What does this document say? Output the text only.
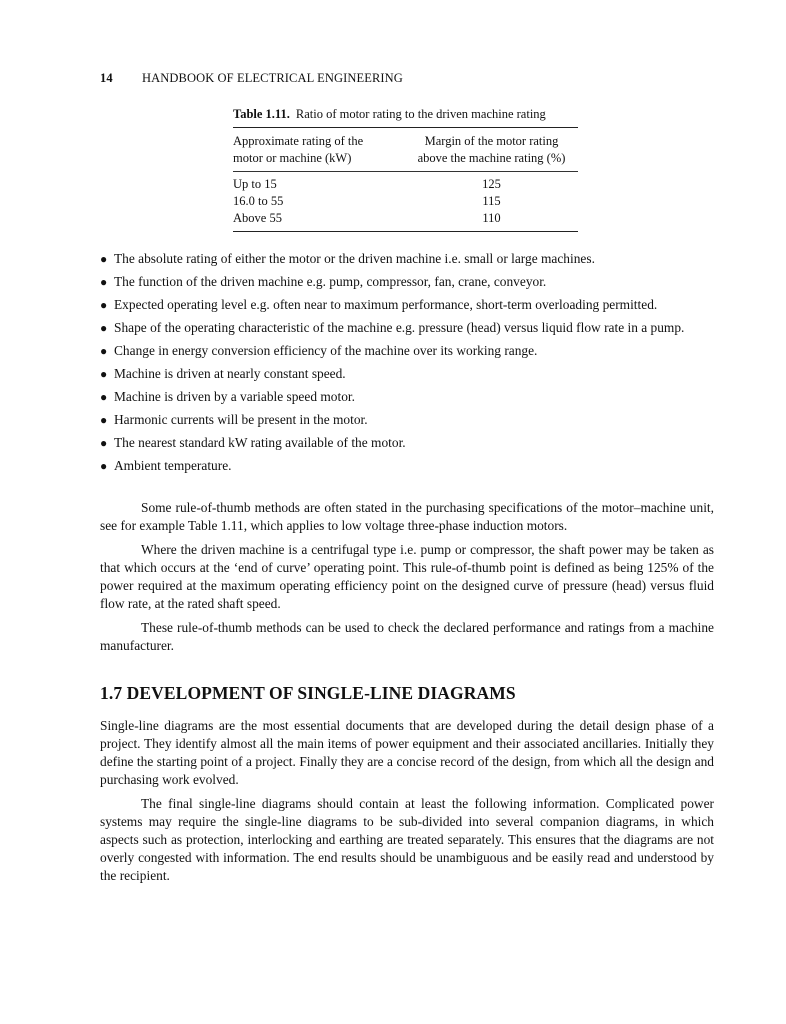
14 HANDBOOK OF ELECTRICAL ENGINEERING
Table 1.11. Ratio of motor rating to the driven machine rating
Approximate rating of the
motor or machine (kW)
Margin of the motor rating
above the machine rating (%)
Up to 15	125
16.0 to 55	115
Above 55	110
● The absolute rating of either the motor or the driven machine i.e. small or large machines.
● The function of the driven machine e.g. pump, compressor, fan, crane, conveyor.
● Expected operating level e.g. often near to maximum performance, short-term overloading permitted.
● Shape of the operating characteristic of the machine e.g. pressure (head) versus liquid flow rate in a pump.
● Change in energy conversion efficiency of the machine over its working range.
● Machine is driven at nearly constant speed.
● Machine is driven by a variable speed motor.
● Harmonic currents will be present in the motor.
● The nearest standard kW rating available of the motor.
● Ambient temperature.

Some rule-of-thumb methods are often stated in the purchasing specifications of the motor–machine unit, see for example Table 1.11, which applies to low voltage three-phase induction motors.

Where the driven machine is a centrifugal type i.e. pump or compressor, the shaft power may be taken as that which occurs at the ‘end of curve’ operating point. This rule-of-thumb point is defined as being 125% of the power required at the maximum operating efficiency point on the designed curve of pressure (head) versus fluid flow rate, at the rated shaft speed.

These rule-of-thumb methods can be used to check the declared performance and ratings from a machine manufacturer.

1.7 DEVELOPMENT OF SINGLE-LINE DIAGRAMS

Single-line diagrams are the most essential documents that are developed during the detail design phase of a project. They identify almost all the main items of power equipment and their associated ancillaries. Initially they define the starting point of a project. Finally they are a concise record of the design, from which all the design and purchasing work evolved.

The final single-line diagrams should contain at least the following information. Complicated power systems may require the single-line diagrams to be sub-divided into several companion diagrams, in which aspects such as protection, interlocking and earthing are treated separately. This ensures that the diagrams are not overly congested with information. The end results should be unambiguous and be easily read and understood by the recipient.
